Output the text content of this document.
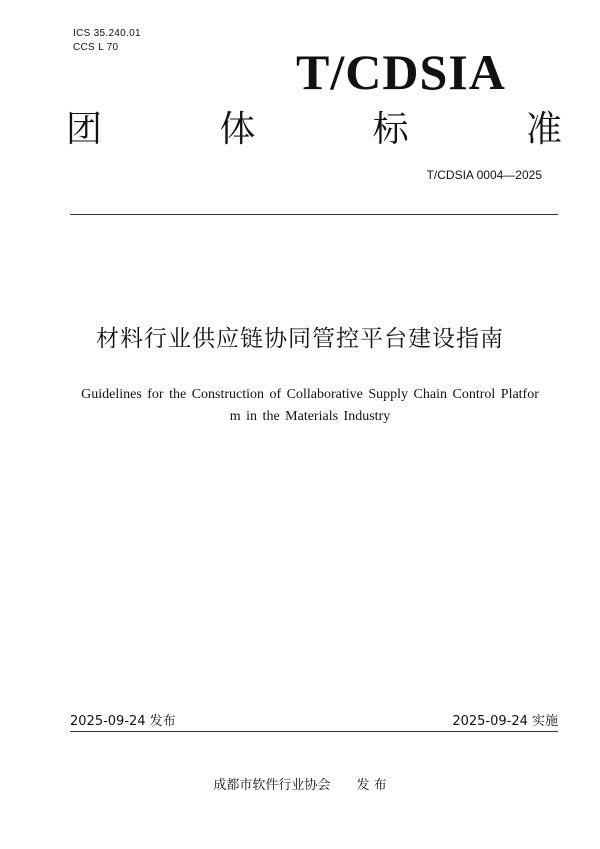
ICS 35.240.01
CCS L 70	T/CDSIA
团	体	标	准
T/CDSIA 0004—2025
材料行业供应链协同管控平台建设指南
Guidelines for the Construction of Collaborative Supply Chain Control Platfor
m in the Materials Industry
2025-09-24 发布	2025-09-24 实施
成都市软件行业协会 发 布
